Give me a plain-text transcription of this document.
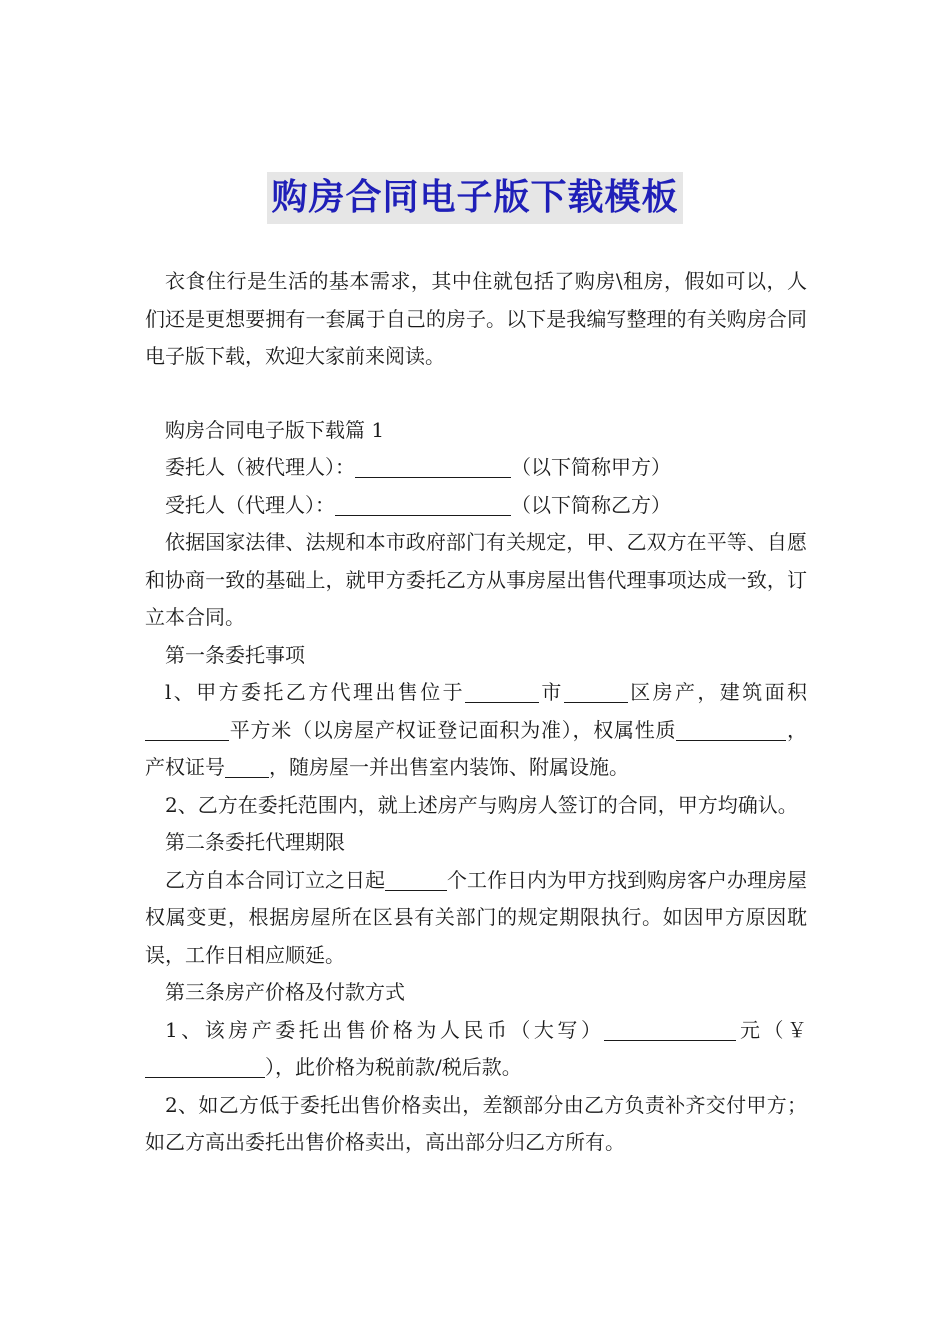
购房合同电子版下载模板

衣食住行是生活的基本需求，其中住就包括了购房\租房，假如可以，人们还是更想要拥有一套属于自己的房子。以下是我编写整理的有关购房合同电子版下载，欢迎大家前来阅读。

购房合同电子版下载篇 1

委托人（被代理人）：	（以下简称甲方）

受托人（代理人）：	（以下简称乙方）

依据国家法律、法规和本市政府部门有关规定，甲、乙双方在平等、自愿和协商一致的基础上，就甲方委托乙方从事房屋出售代理事项达成一致，订立本合同。

第一条委托事项

l、甲方委托乙方代理出售位于	市	区房产，建筑面积平方米（以房屋产权证登记面积为准），权属性质	，产权证号 ，随房屋一并出售室内装饰、附属设施。

2、乙方在委托范围内，就上述房产与购房人签订的合同，甲方均确认。

第二条委托代理期限

乙方自本合同订立之日起	个工作日内为甲方找到购房客户办理房屋权属变更，根据房屋所在区县有关部门的规定期限执行。如因甲方原因耽误，工作日相应顺延。

第三条房产价格及付款方式

1、该房产委托出售价格为人民币（大写）	元（￥），此价格为税前款/税后款。

2、如乙方低于委托出售价格卖出，差额部分由乙方负责补齐交付甲方；如乙方高出委托出售价格卖出，高出部分归乙方所有。
